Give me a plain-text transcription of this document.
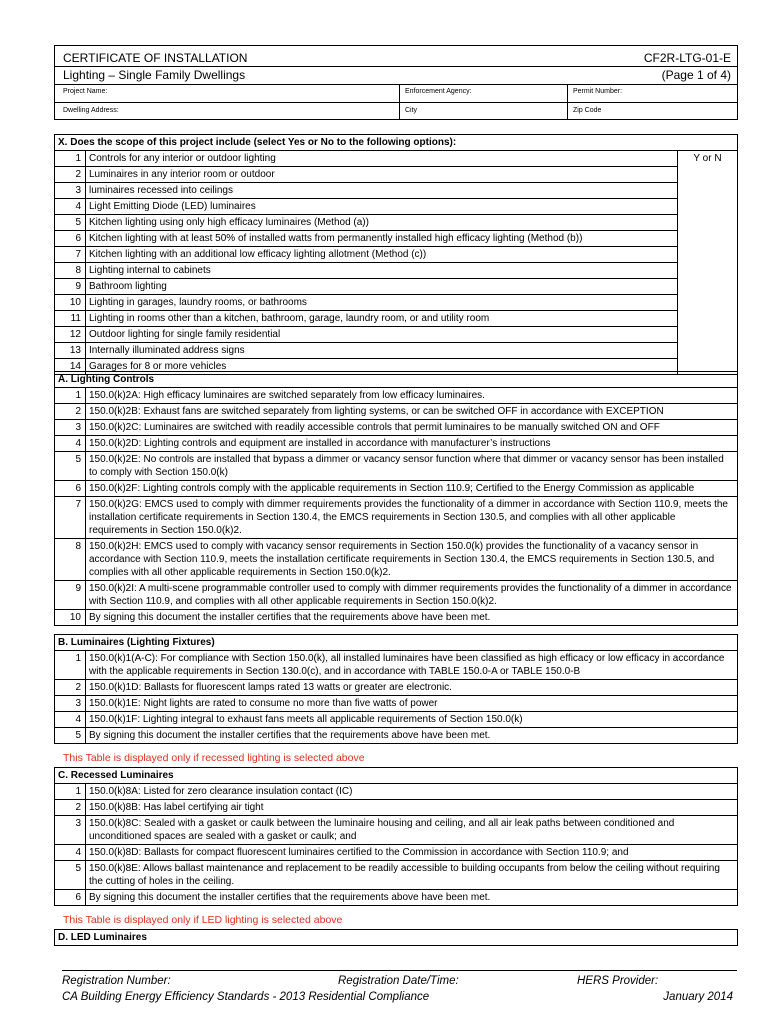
CERTIFICATE OF INSTALLATION	CF2R-LTG-01-E
Lighting – Single Family Dwellings	(Page 1 of 4)
Project Name:	Enforcement Agency:	Permit Number:
Dwelling Address:	City	Zip Code
X. Does the scope of this project include (select Yes or No to the following options):		
1	Controls for any interior or outdoor lighting	Y or N
2	Luminaires in any interior room or outdoor	
3	luminaires recessed into ceilings	
4	Light Emitting Diode (LED) luminaires	
5	Kitchen lighting using only high efficacy luminaires (Method (a))	
6	Kitchen lighting with at least 50% of installed watts from permanently installed high efficacy lighting (Method (b))	
7	Kitchen lighting with an additional low efficacy lighting allotment (Method (c))	
8	Lighting internal to cabinets	
9	Bathroom lighting	
10	Lighting in garages, laundry rooms, or bathrooms	
11	Lighting in rooms other than a kitchen, bathroom, garage, laundry room, or and utility room	
12	Outdoor lighting for single family residential	
13	Internally illuminated address signs	
14	Garages for 8 or more vehicles	
A. Lighting Controls	
1	150.0(k)2A: High efficacy luminaires are switched separately from low efficacy luminaires.
2	150.0(k)2B: Exhaust fans are switched separately from lighting systems, or can be switched OFF in accordance with EXCEPTION
3	150.0(k)2C: Luminaires are switched with readily accessible controls that permit luminaires to be manually switched ON and OFF
4	150.0(k)2D: Lighting controls and equipment are installed in accordance with manufacturer’s instructions
5	150.0(k)2E: No controls are installed that bypass a dimmer or vacancy sensor function where that dimmer or vacancy sensor has been installed to comply with Section 150.0(k)
6	150.0(k)2F: Lighting controls comply with the applicable requirements in Section 110.9; Certified to the Energy Commission as applicable
7	150.0(k)2G: EMCS used to comply with dimmer requirements provides the functionality of a dimmer in accordance with Section 110.9, meets the installation certificate requirements in Section 130.4, the EMCS requirements in Section 130.5, and complies with all other applicable requirements in Section 150.0(k)2.
8	150.0(k)2H: EMCS used to comply with vacancy sensor requirements in Section 150.0(k) provides the functionality of a vacancy sensor in accordance with Section 110.9, meets the installation certificate requirements in Section 130.4, the EMCS requirements in Section 130.5, and complies with all other applicable requirements in Section 150.0(k)2.
9	150.0(k)2I: A multi-scene programmable controller used to comply with dimmer requirements provides the functionality of a dimmer in accordance with Section 110.9, and complies with all other applicable requirements in Section 150.0(k)2.
10	By signing this document the installer certifies that the requirements above have been met.
B. Luminaires (Lighting Fixtures)	
1	150.0(k)1(A-C): For compliance with Section 150.0(k), all installed luminaires have been classified as high efficacy or low efficacy in accordance with the applicable requirements in Section 130.0(c), and in accordance with TABLE 150.0-A or TABLE 150.0-B
2	150.0(k)1D: Ballasts for fluorescent lamps rated 13 watts or greater are electronic.
3	150.0(k)1E: Night lights are rated to consume no more than five watts of power
4	150.0(k)1F: Lighting integral to exhaust fans meets all applicable requirements of Section 150.0(k)
5	By signing this document the installer certifies that the requirements above have been met.
This Table is displayed only if recessed lighting is selected above
C. Recessed Luminaires	
1	150.0(k)8A: Listed for zero clearance insulation contact (IC)
2	150.0(k)8B: Has label certifying air tight
3	150.0(k)8C: Sealed with a gasket or caulk between the luminaire housing and ceiling, and all air leak paths between conditioned and unconditioned spaces are sealed with a gasket or caulk; and
4	150.0(k)8D: Ballasts for compact fluorescent luminaires certified to the Commission in accordance with Section 110.9; and
5	150.0(k)8E: Allows ballast maintenance and replacement to be readily accessible to building occupants from below the ceiling without requiring the cutting of holes in the ceiling.
6	By signing this document the installer certifies that the requirements above have been met.
This Table is displayed only if LED lighting is selected above
D. LED Luminaires
Registration Number:	Registration Date/Time:	HERS Provider:
CA Building Energy Efficiency Standards - 2013 Residential Compliance	January 2014
